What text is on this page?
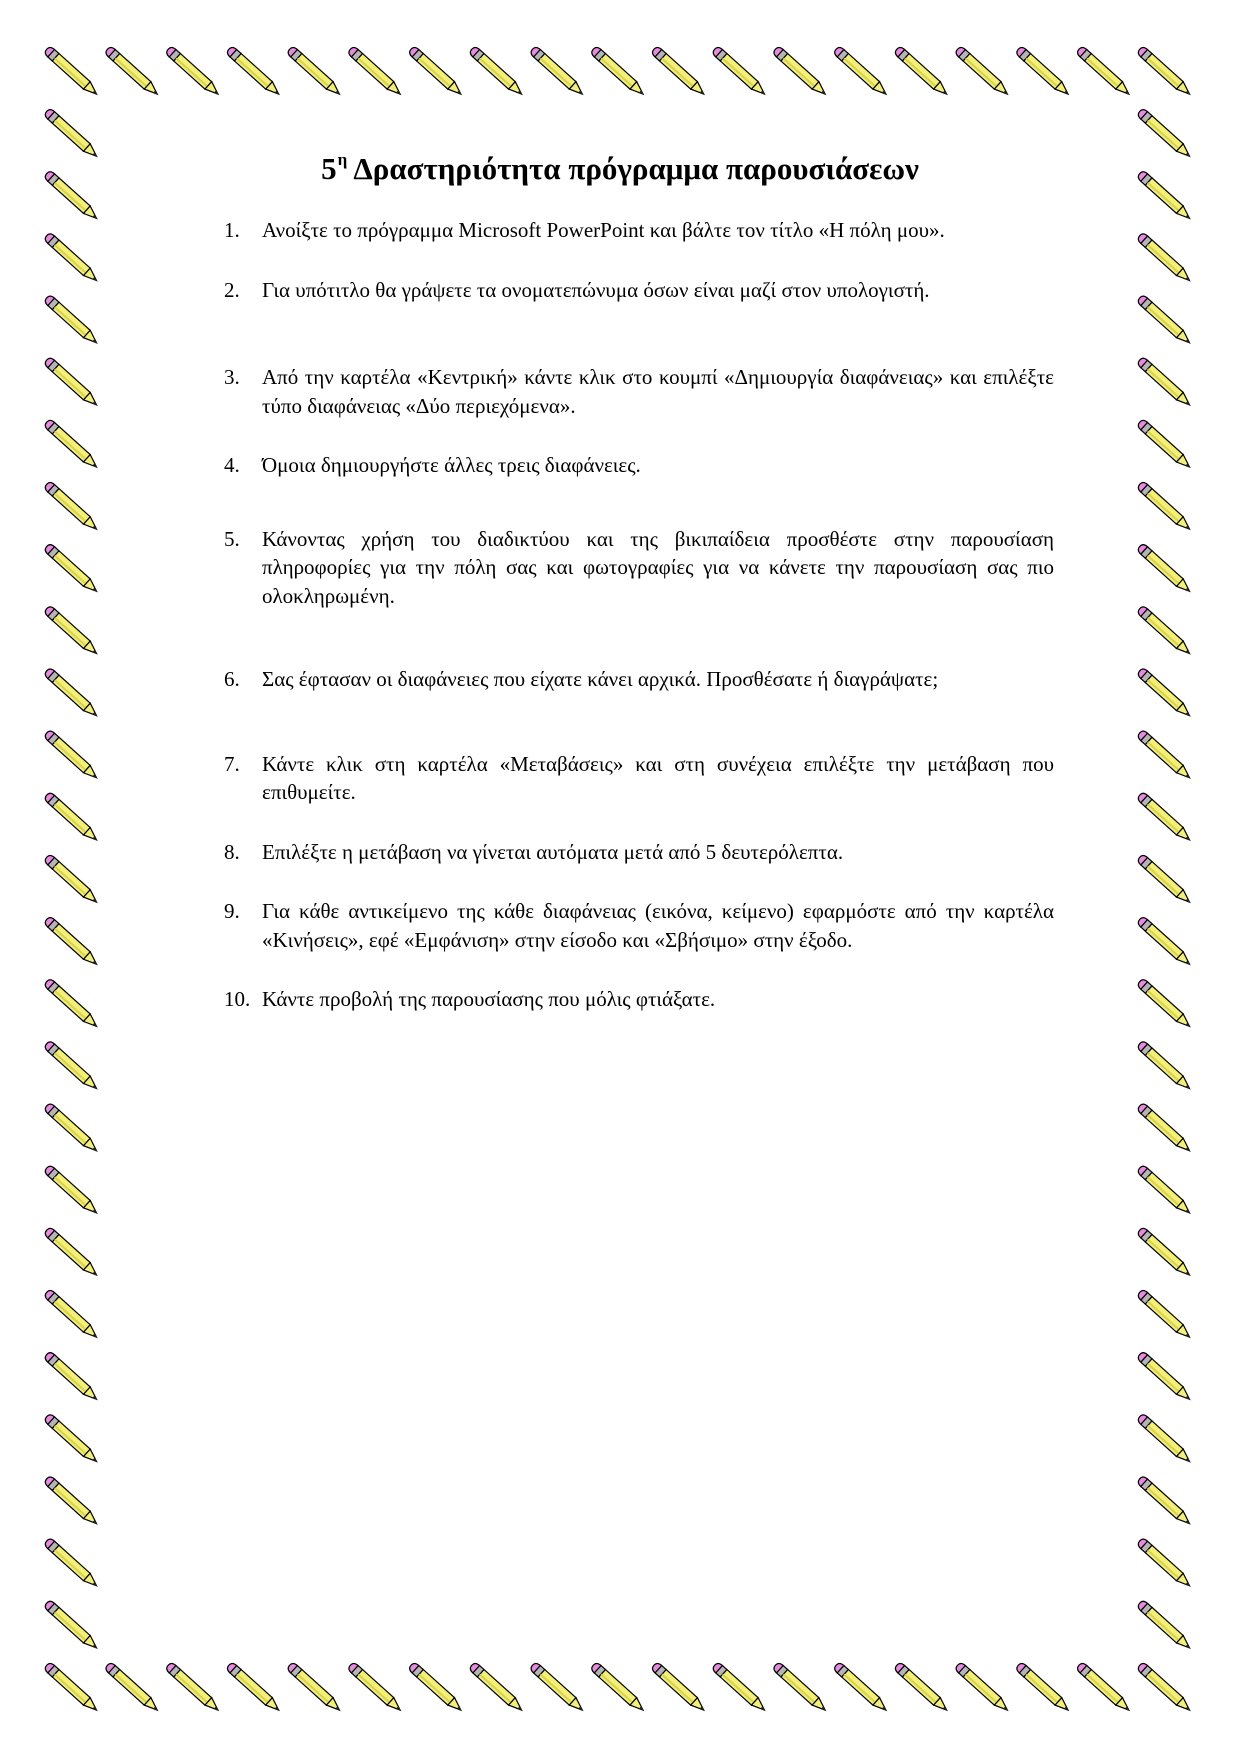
$5^\eta$ Δραστηριότητα πρόγραμμα παρουσιάσεων
1. Ανοίξτε το πρόγραμμα Microsoft PowerPoint και βάλτε τον τίτλο «Η πόλη μου».
2. Για υπότιτλο θα γράψετε τα ονοματεπώνυμα όσων είναι μαζί στον υπολογιστή.
3. Από την καρτέλα «Κεντρική» κάντε κλικ στο κουμπί «Δημιουργία διαφάνειας» και επιλέξτε τύπο διαφάνειας «Δύο περιεχόμενα».
4. Όμοια δημιουργήστε άλλες τρεις διαφάνειες.
5. Κάνοντας χρήση του διαδικτύου και της βικιπαίδεια προσθέστε στην παρουσίαση πληροφορίες για την πόλη σας και φωτογραφίες για να κάνετε την παρουσίαση σας πιο ολοκληρωμένη.
6. Σας έφτασαν οι διαφάνειες που είχατε κάνει αρχικά. Προσθέσατε ή διαγράψατε;
7. Κάντε κλικ στη καρτέλα «Μεταβάσεις» και στη συνέχεια επιλέξτε την μετάβαση που επιθυμείτε.
8. Επιλέξτε η μετάβαση να γίνεται αυτόματα μετά από 5 δευτερόλεπτα.
9. Για κάθε αντικείμενο της κάθε διαφάνειας (εικόνα, κείμενο) εφαρμόστε από την καρτέλα «Κινήσεις», εφέ «Εμφάνιση» στην είσοδο και «Σβήσιμο» στην έξοδο.
10. Κάντε προβολή της παρουσίασης που μόλις φτιάξατε.
